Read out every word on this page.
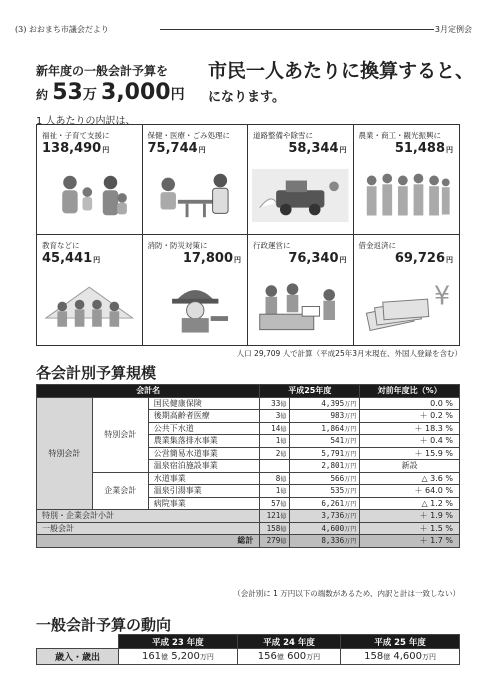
(3) おおまち市議会だより	3月定例会
新年度の一般会計予算を
約 53万 3,000円
市民一人あたりに換算すると、
になります。
1 人あたりの内訳は、
福祉・子育て支援に
138,490円
保健・医療・ごみ処理に
75,744円
道路整備や除雪に
58,344円
農業・商工・観光振興に
51,488円
教育などに
45,441円
消防・防災対策に
17,800円
行政運営に
76,340円
借金返済に
69,726円
¥
人口 29,709 人で計算（平成25年3月末現在、外国人登録を含む）
各会計別予算規模
会計名			平成25年度		対前年度比（%）
特別会計	特別会計	国民健康保険	33億	4,395万円	0.0 %
		後期高齢者医療	3億	983万円	＋ 0.2 %
		公共下水道	14億	1,864万円	＋ 18.3 %
		農業集落排水事業	1億	541万円	＋ 0.4 %
		公営簡易水道事業	2億	5,791万円	＋ 15.9 %
		温泉宿泊施設事業		2,801万円	新設
	企業会計	水道事業	8億	566万円	△ 3.6 %
		温泉引湯事業	1億	535万円	＋ 64.0 %
		病院事業	57億	6,261万円	△ 1.2 %
特別・企業会計小計			121億	3,736万円	＋ 1.9 %
一般会計			158億	4,600万円	＋ 1.5 %
総計			279億	8,336万円	＋ 1.7 %
（会計別に 1 万円以下の端数があるため、内訳と計は一致しない）
一般会計予算の動向
	平成 23 年度	平成 24 年度	平成 25 年度
歳入・歳出	161億 5,200万円	156億 600万円	158億 4,600万円
